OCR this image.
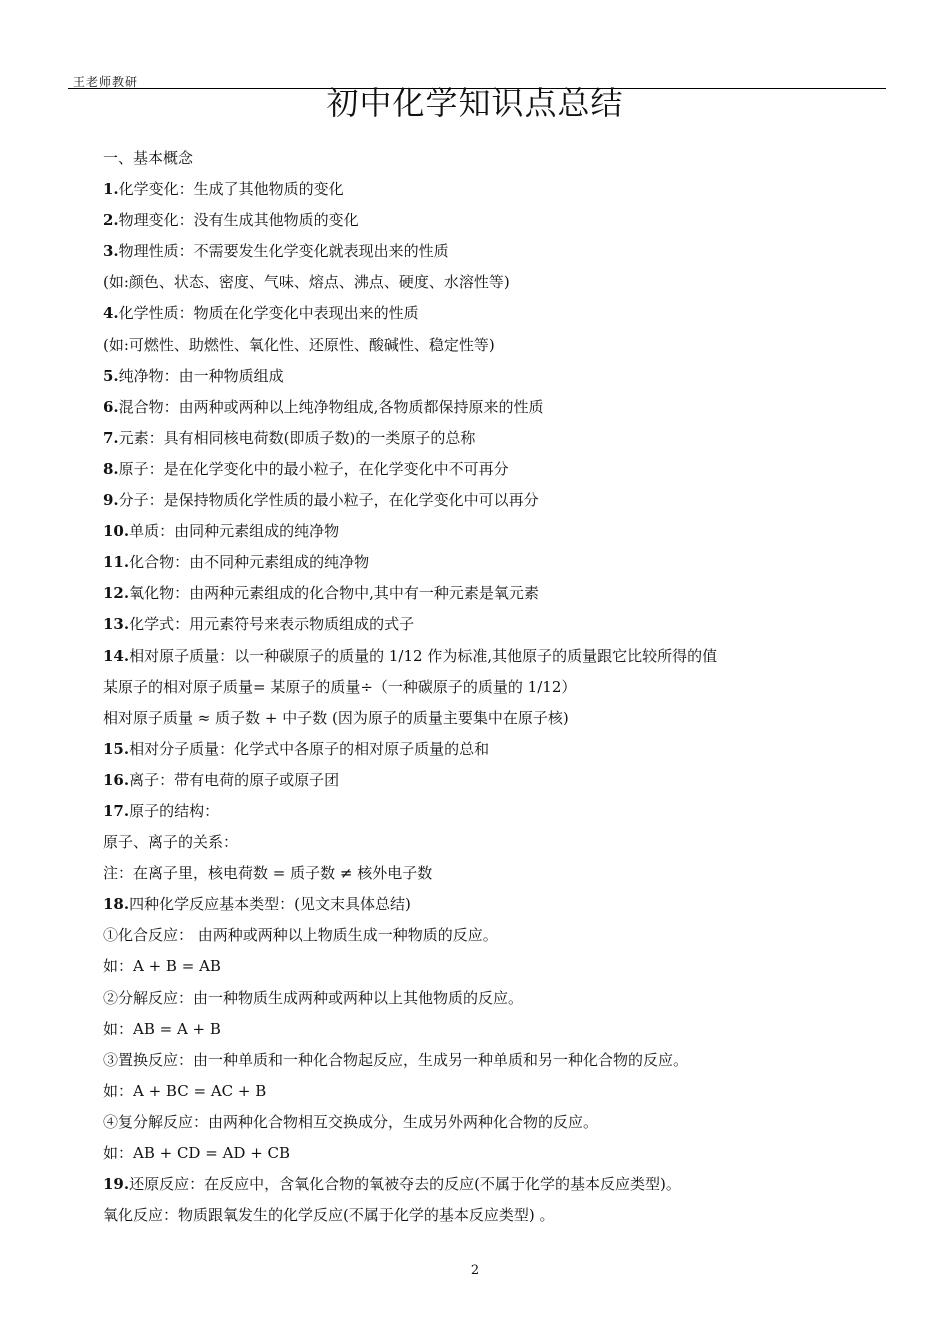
王老师教研
初中化学知识点总结
一、基本概念
1.化学变化：生成了其他物质的变化
2.物理变化：没有生成其他物质的变化
3.物理性质：不需要发生化学变化就表现出来的性质
(如:颜色、状态、密度、气味、熔点、沸点、硬度、水溶性等)
4.化学性质：物质在化学变化中表现出来的性质
(如:可燃性、助燃性、氧化性、还原性、酸碱性、稳定性等)
5.纯净物：由一种物质组成
6.混合物：由两种或两种以上纯净物组成,各物质都保持原来的性质
7.元素：具有相同核电荷数(即质子数)的一类原子的总称
8.原子：是在化学变化中的最小粒子，在化学变化中不可再分
9.分子：是保持物质化学性质的最小粒子，在化学变化中可以再分
10.单质：由同种元素组成的纯净物
11.化合物：由不同种元素组成的纯净物
12.氧化物：由两种元素组成的化合物中,其中有一种元素是氧元素
13.化学式：用元素符号来表示物质组成的式子
14.相对原子质量：以一种碳原子的质量的 1/12 作为标准,其他原子的质量跟它比较所得的值
某原子的相对原子质量= 某原子的质量÷（一种碳原子的质量的 1/12）
相对原子质量 ≈ 质子数 + 中子数 (因为原子的质量主要集中在原子核)
15.相对分子质量：化学式中各原子的相对原子质量的总和
16.离子：带有电荷的原子或原子团
17.原子的结构：
原子、离子的关系：
注：在离子里，核电荷数 = 质子数 ≠ 核外电子数
18.四种化学反应基本类型：(见文末具体总结)
①化合反应： 由两种或两种以上物质生成一种物质的反应。
如：A + B = AB
②分解反应：由一种物质生成两种或两种以上其他物质的反应。
如：AB = A + B
③置换反应：由一种单质和一种化合物起反应，生成另一种单质和另一种化合物的反应。
如：A + BC = AC + B
④复分解反应：由两种化合物相互交换成分，生成另外两种化合物的反应。
如：AB + CD = AD + CB
19.还原反应：在反应中，含氧化合物的氧被夺去的反应(不属于化学的基本反应类型)。
氧化反应：物质跟氧发生的化学反应(不属于化学的基本反应类型) 。
2
